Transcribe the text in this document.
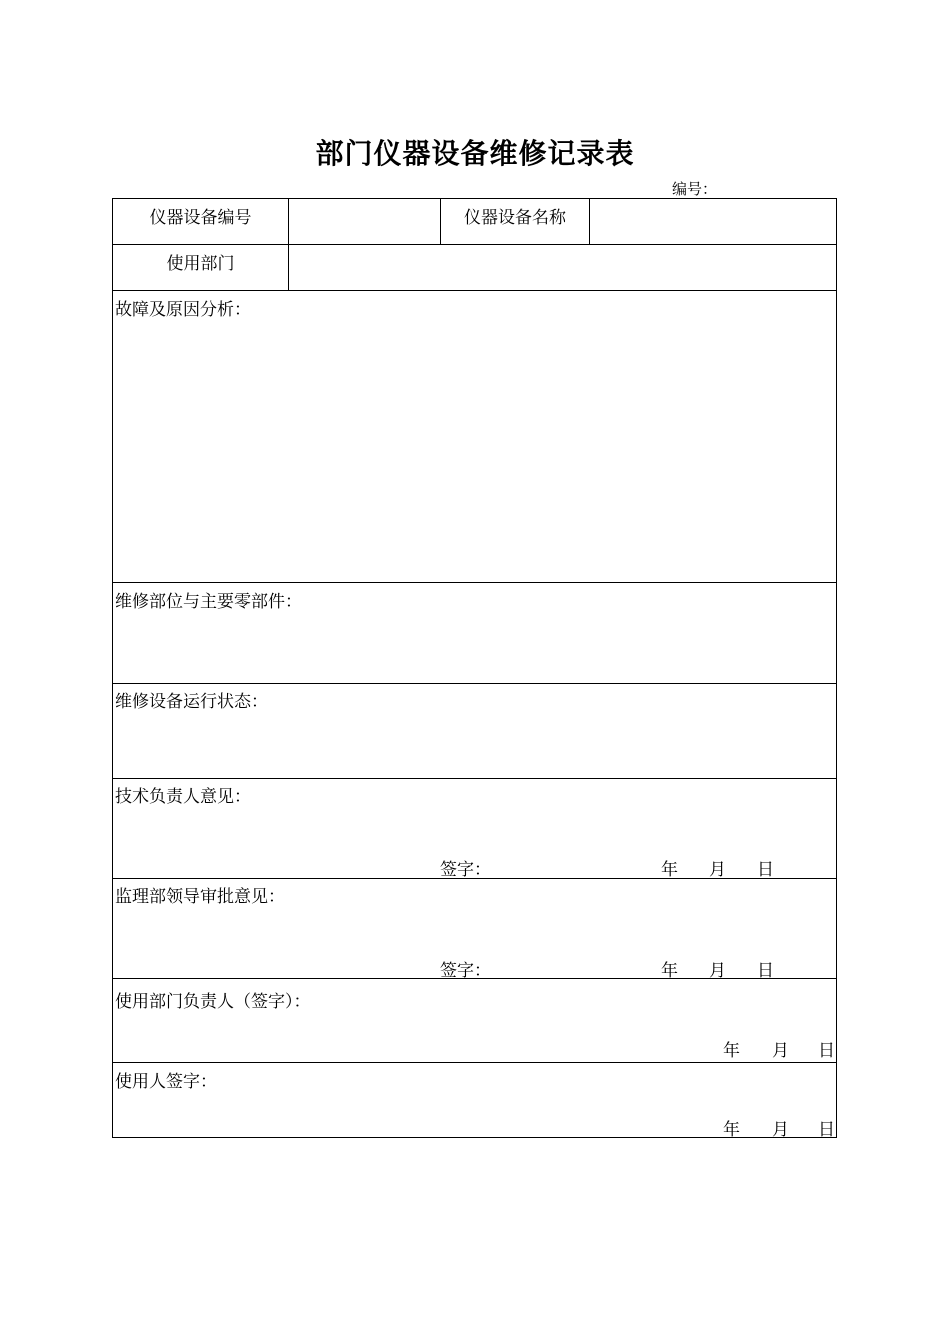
部门仪器设备维修记录表
编号：
仪器设备编号	仪器设备名称
使用部门
故障及原因分析：
维修部位与主要零部件：
维修设备运行状态：
技术负责人意见：
签字：	年 月 日
监理部领导审批意见：
签字：	年 月 日
使用部门负责人（签字）：
年 月 日
使用人签字：
年 月 日
